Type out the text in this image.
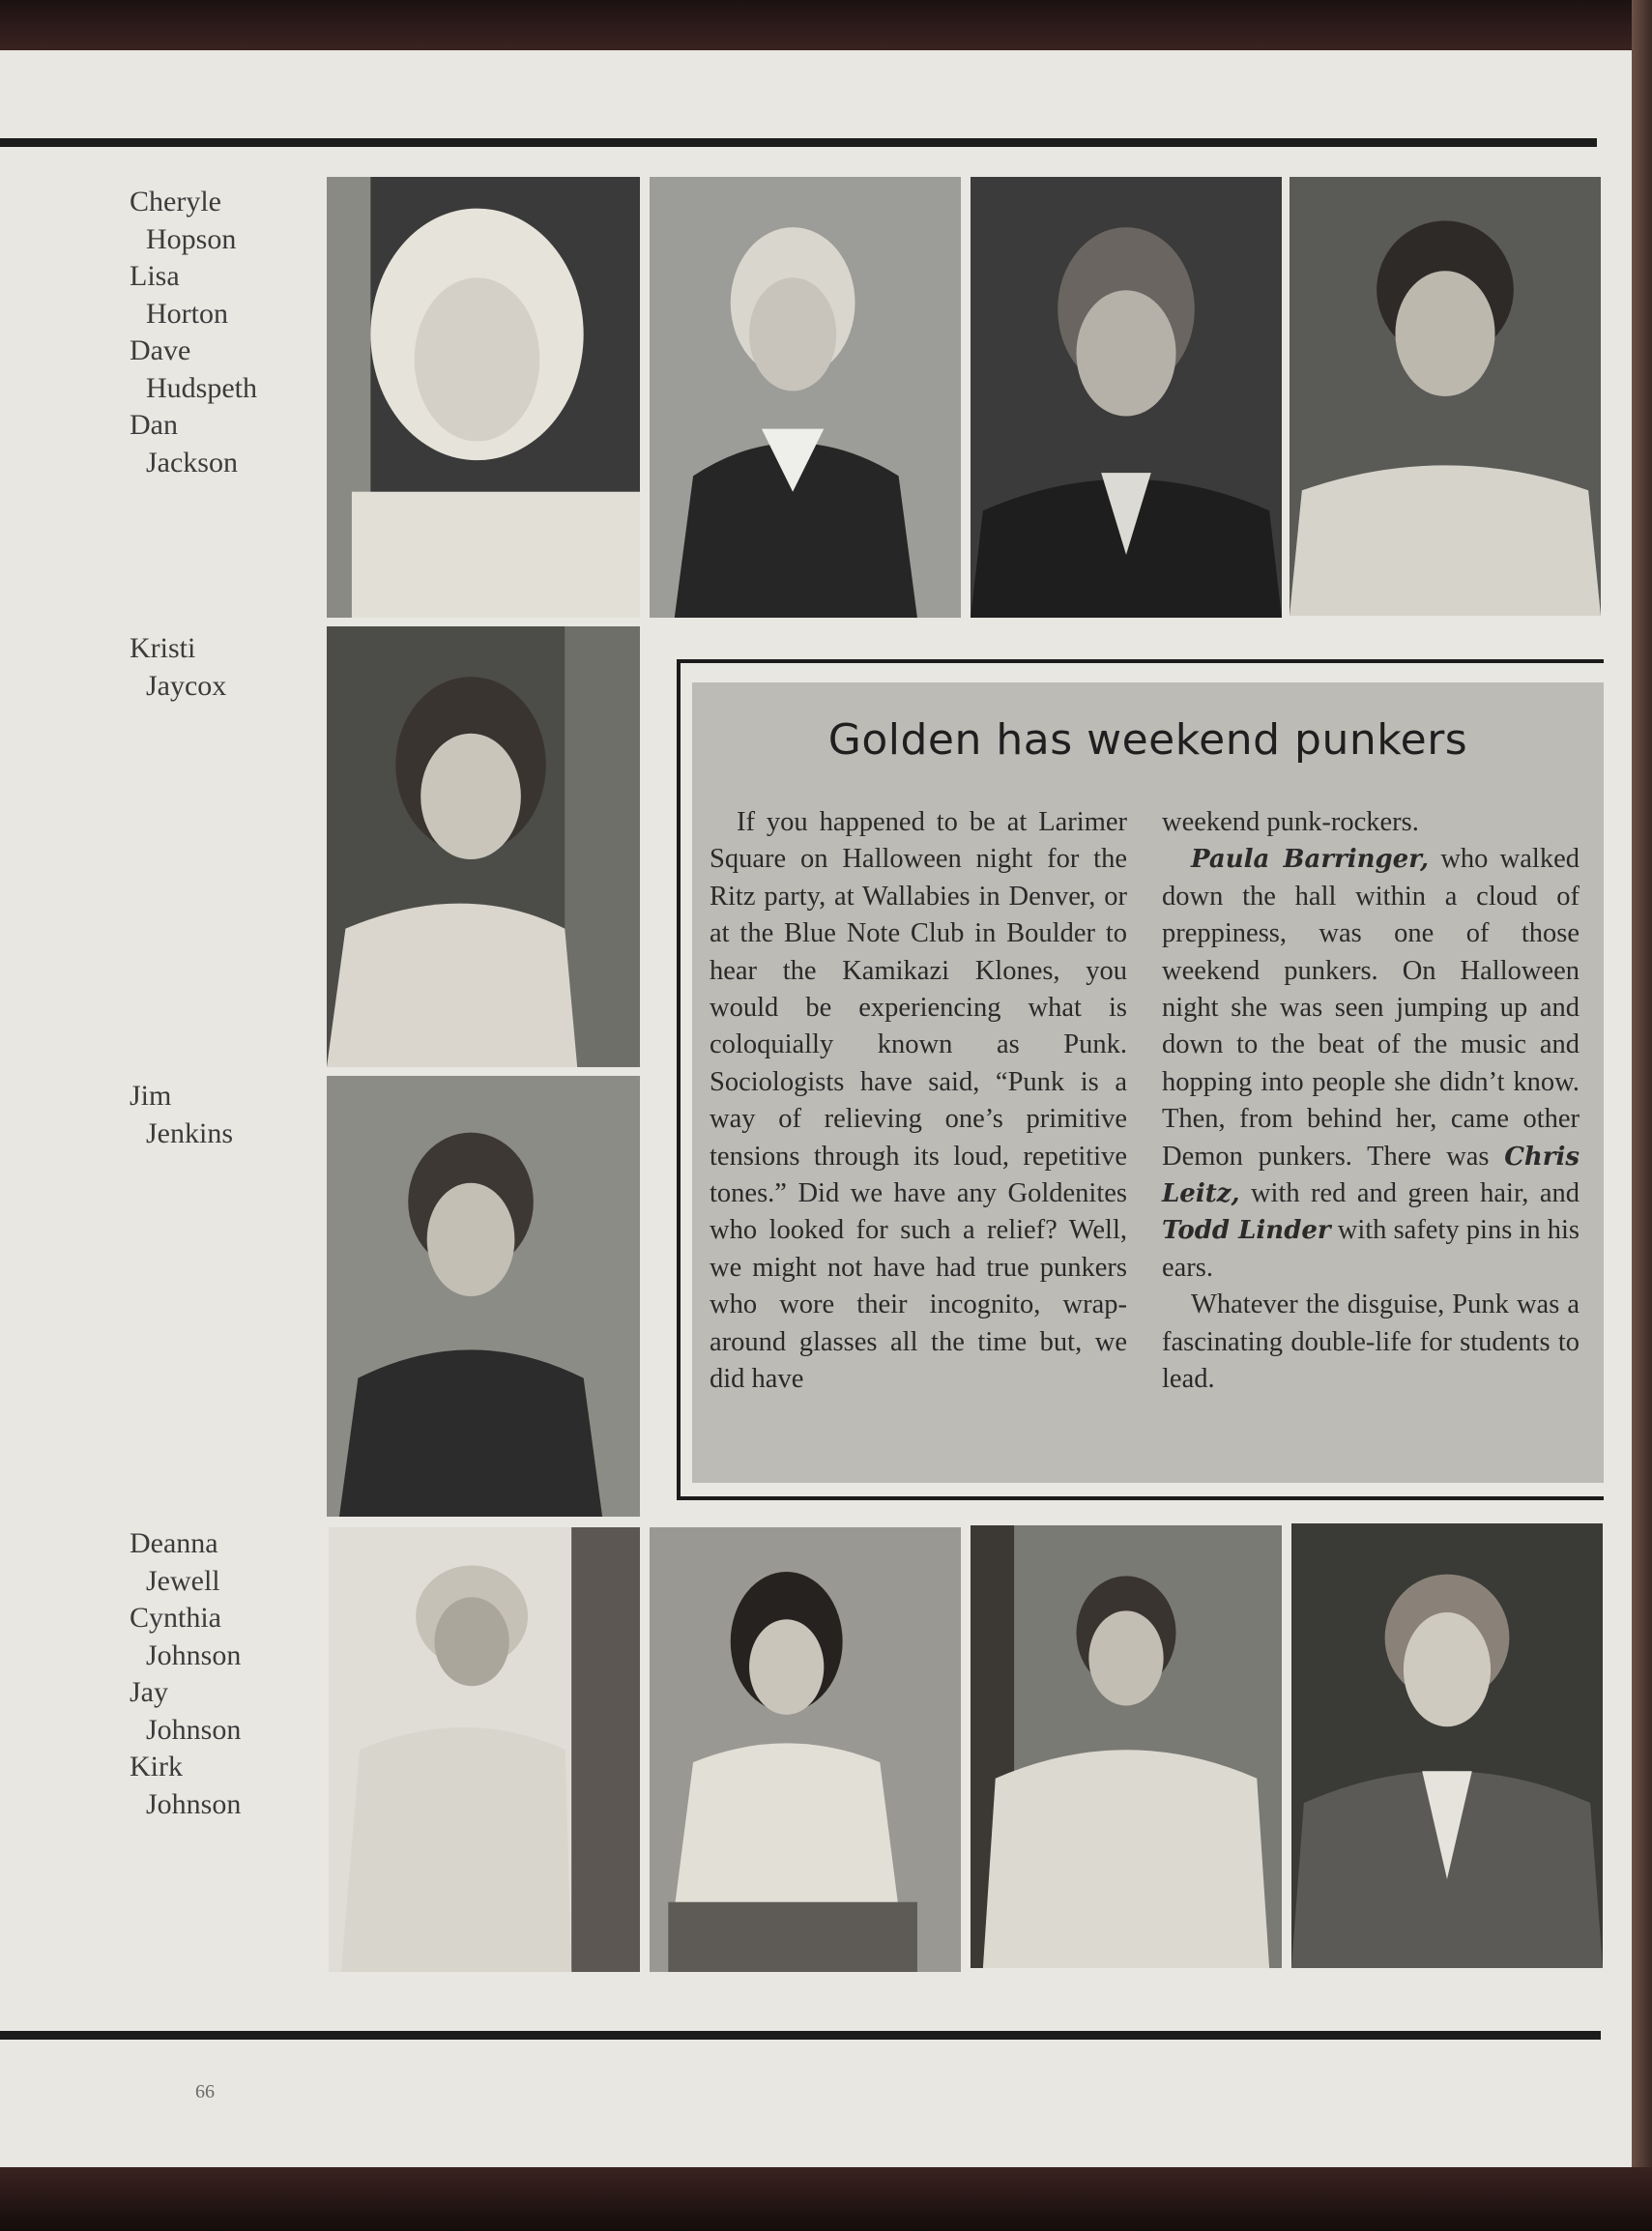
Cheryle
Hopson
Lisa
Horton
Dave
Hudspeth
Dan
Jackson
Kristi
Jaycox
Jim
Jenkins
Deanna
Jewell
Cynthia
Johnson
Jay
Johnson
Kirk
Johnson
Golden has weekend punkers

If you happened to be at Larimer Square on Halloween night for the Ritz party, at Wallabies in Denver, or at the Blue Note Club in Boulder to hear the Kamikazi Klones, you would be experiencing what is coloquially known as Punk. Sociologists have said, “Punk is a way of relieving one’s primitive tensions through its loud, repetitive tones.” Did we have any Goldenites who looked for such a relief? Well, we might not have had true punkers who wore their incognito, wrap-around glasses all the time but, we did have

weekend punk-rockers.

Paula Barringer, who walked down the hall within a cloud of preppiness, was one of those weekend punkers. On Halloween night she was seen jumping up and down to the beat of the music and hopping into people she didn’t know. Then, from behind her, came other Demon punkers. There was Chris Leitz, with red and green hair, and Todd Linder with safety pins in his ears.

Whatever the disguise, Punk was a fascinating double-life for students to lead.

66
